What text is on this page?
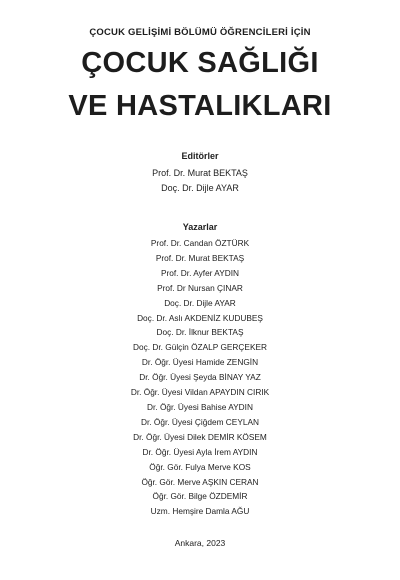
ÇOCUK GELİŞİMİ BÖLÜMÜ ÖĞRENCİLERİ İÇİN
ÇOCUK SAĞLIĞI
VE HASTALIKLARI
Editörler
Prof. Dr. Murat BEKTAŞ
Doç. Dr. Dijle AYAR
Yazarlar
Prof. Dr. Candan ÖZTÜRK
Prof. Dr. Murat BEKTAŞ
Prof. Dr. Ayfer AYDIN
Prof. Dr Nursan ÇINAR
Doç. Dr. Dijle AYAR
Doç. Dr. Aslı AKDENİZ KUDUBEŞ
Doç. Dr. İlknur BEKTAŞ
Doç. Dr. Gülçin ÖZALP GERÇEKER
Dr. Öğr. Üyesi Hamide ZENGİN
Dr. Öğr. Üyesi Şeyda BİNAY YAZ
Dr. Öğr. Üyesi Vildan APAYDIN CIRIK
Dr. Öğr. Üyesi Bahise AYDIN
Dr. Öğr. Üyesi Çiğdem CEYLAN
Dr. Öğr. Üyesi Dilek DEMİR KÖSEM
Dr. Öğr. Üyesi Ayla İrem AYDIN
Öğr. Gör. Fulya Merve KOS
Öğr. Gör. Merve AŞKIN CERAN
Öğr. Gör. Bilge ÖZDEMİR
Uzm. Hemşire Damla AĞU
Ankara, 2023
